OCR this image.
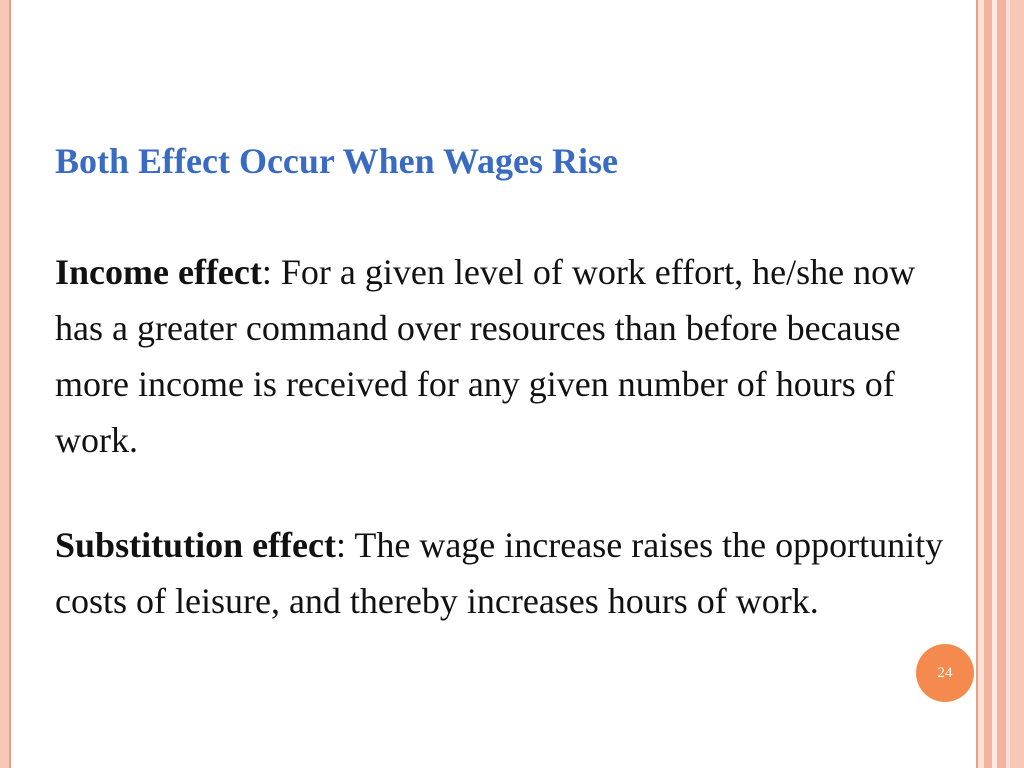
Both Effect Occur When Wages Rise
Income effect: For a given level of work effort, he/she now has a greater command over resources than before because more income is received for any given number of hours of work.
Substitution effect: The wage increase raises the opportunity costs of leisure, and thereby increases hours of work.
24
